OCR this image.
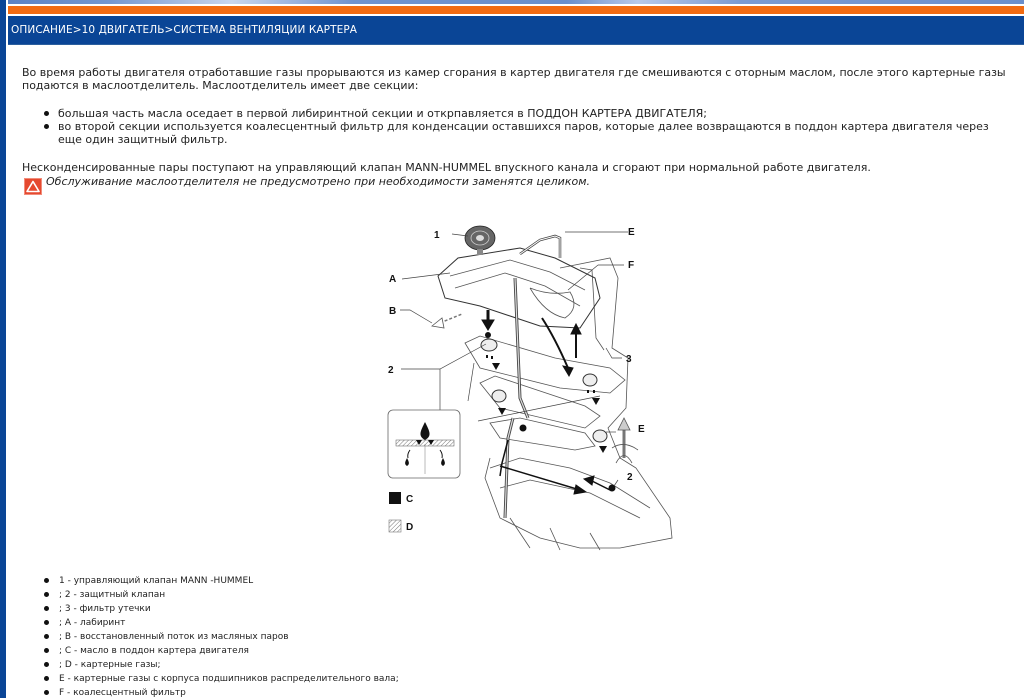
ОПИСАНИЕ>10 ДВИГАТЕЛЬ>СИСТЕМА ВЕНТИЛЯЦИИ КАРТЕРА

Во время работы двигателя отработавшие газы прорываются из камер сгорания в картер двигателя где смешиваются с оторным маслом, после этого картерные газы подаются в маслоотделитель. Маслоотделитель имеет две секции:

большая часть масла оседает в первой либиринтной секции и открпавляется в ПОДДОН КАРТЕРА ДВИГАТЕЛЯ;
во второй секции используется коалесцентный фильтр для конденсации оставшихся паров, которые далее возвращаются в поддон картера двигателя через еще один защитный фильтр.

Несконденсированные пары поступают на управляющий клапан MANN-HUMMEL впускного канала и сгорают при нормальной работе двигателя.

Обслуживание маслоотделителя не предусмотрено при необходимости заменятся целиком.
1
A
B
2
E
F
3
E
2
C
D
1 - управляющий клапан MANN -HUMMEL
; 2 - защитный клапан
; 3 - фильтр утечки
; A - лабиринт
; B - восстановленный поток из масляных паров
; C - масло в поддон картера двигателя
; D - картерные газы;
E - картерные газы с корпуса подшипников распределительного вала;
F - коалесцентный фильтр
